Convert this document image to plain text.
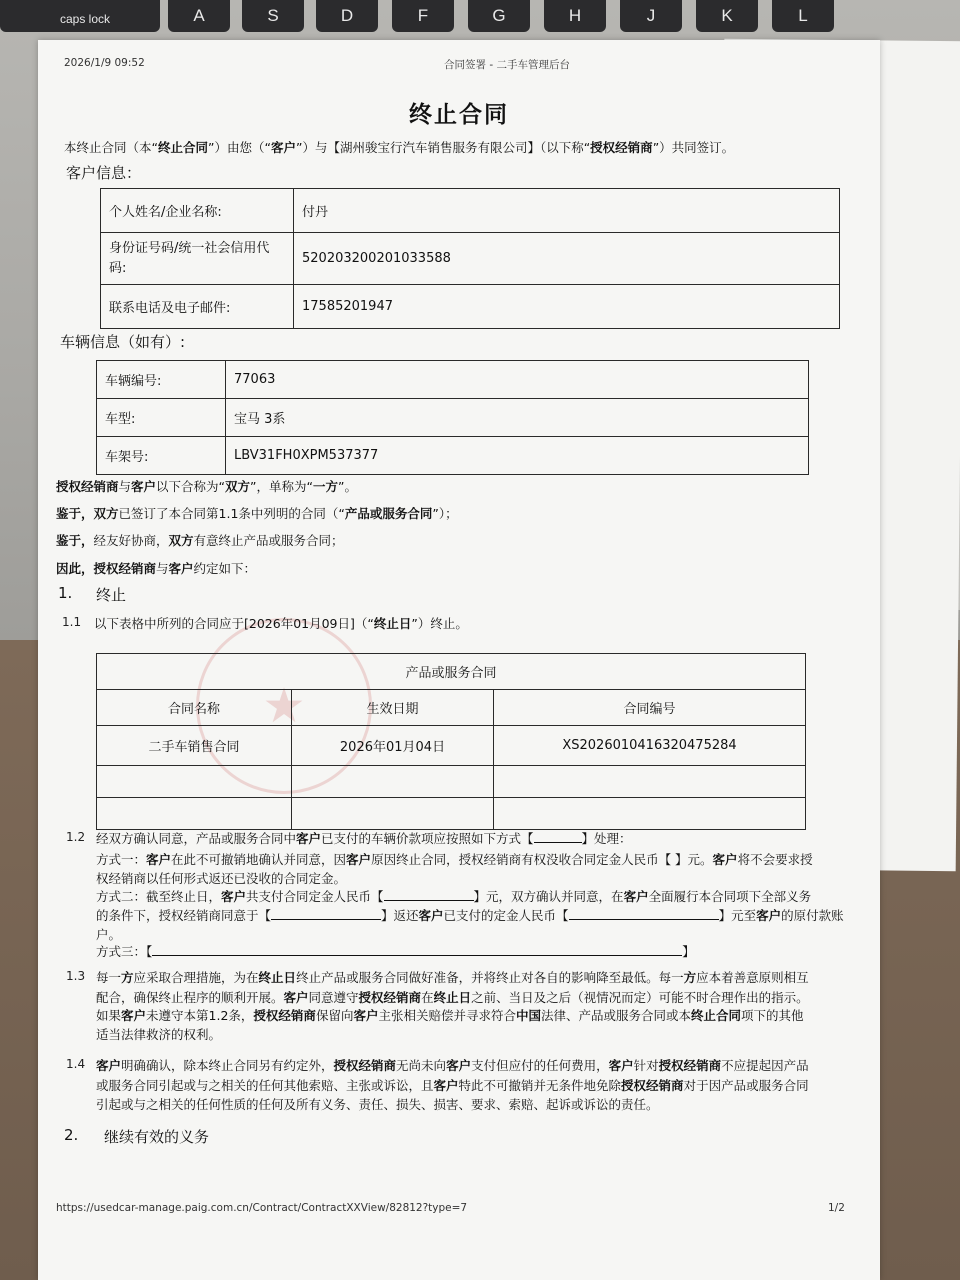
caps lock	A	S	D	F	G	H	J	K	L
★
2026/1/9 09:52	合同签署 - 二手车管理后台
终止合同
本终止合同（本“终止合同”）由您（“客户”）与【湖州骏宝行汽车销售服务有限公司】（以下称“授权经销商”）共同签订。
客户信息：
个人姓名/企业名称:	付丹
身份证号码/统一社会信用代码:	520203200201033588
联系电话及电子邮件:	17585201947
车辆信息（如有）:
车辆编号:	77063
车型:	宝马 3系
车架号:	LBV31FH0XPM537377
授权经销商与客户以下合称为“双方”，单称为“一方”。
鉴于，双方已签订了本合同第1.1条中列明的合同（“产品或服务合同”）；
鉴于，经友好协商，双方有意终止产品或服务合同；
因此，授权经销商与客户约定如下：
1. 终止
1.1 以下表格中所列的合同应于[2026年01月09日]（“终止日”）终止。
产品或服务合同		
合同名称	生效日期	合同编号
二手车销售合同	2026年01月04日	XS2026010416320475284

1.2 经双方确认同意，产品或服务合同中客户已支付的车辆价款项应按照如下方式【	】处理：
方式一：客户在此不可撤销地确认并同意，因客户原因终止合同，授权经销商有权没收合同定金人民币【 】元。客户将不会要求授
权经销商以任何形式返还已没收的合同定金。
方式二：截至终止日，客户共支付合同定金人民币【	】元，双方确认并同意，在客户全面履行本合同项下全部义务
的条件下，授权经销商同意于【	】返还客户已支付的定金人民币【	】元至客户的原付款账
户。
方式三：【	】
1.3 每一方应采取合理措施，为在终止日终止产品或服务合同做好准备，并将终止对各自的影响降至最低。每一方应本着善意原则相互
配合，确保终止程序的顺利开展。客户同意遵守授权经销商在终止日之前、当日及之后（视情况而定）可能不时合理作出的指示。
如果客户未遵守本第1.2条，授权经销商保留向客户主张相关赔偿并寻求符合中国法律、产品或服务合同或本终止合同项下的其他
适当法律救济的权利。
1.4 客户明确确认，除本终止合同另有约定外，授权经销商无尚未向客户支付但应付的任何费用，客户针对授权经销商不应提起因产品
或服务合同引起或与之相关的任何其他索赔、主张或诉讼，且客户特此不可撤销并无条件地免除授权经销商对于因产品或服务合同
引起或与之相关的任何性质的任何及所有义务、责任、损失、损害、要求、索赔、起诉或诉讼的责任。
2. 继续有效的义务
https://usedcar-manage.paig.com.cn/Contract/ContractXXView/82812?type=7	1/2
